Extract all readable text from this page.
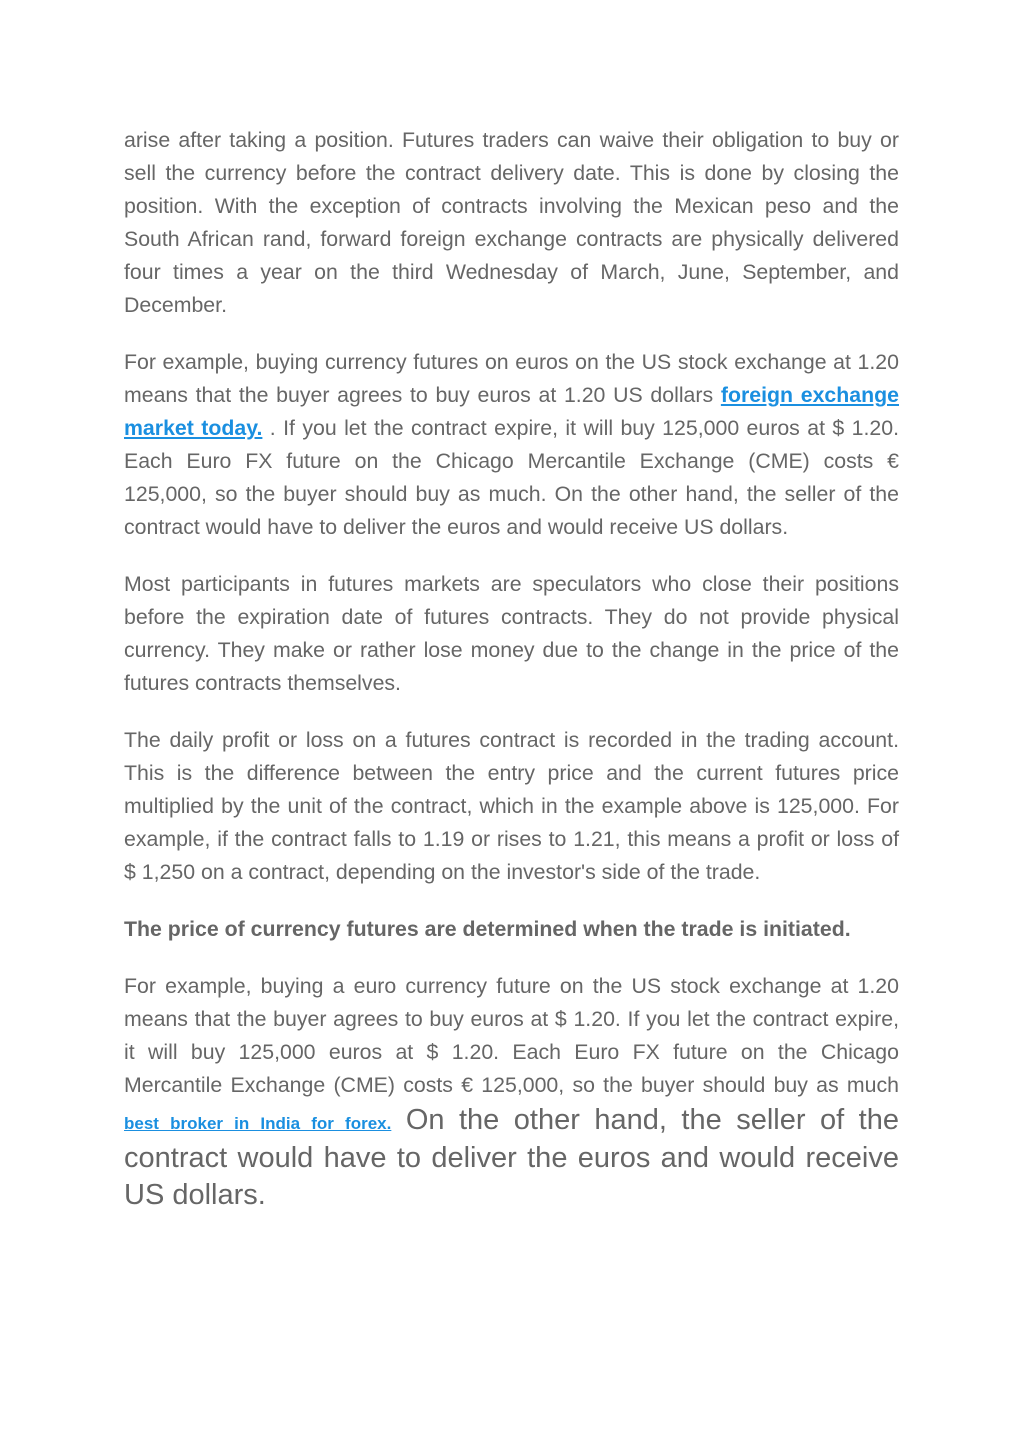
arise after taking a position. Futures traders can waive their obligation to buy or sell the currency before the contract delivery date. This is done by closing the position. With the exception of contracts involving the Mexican peso and the South African rand, forward foreign exchange contracts are physically delivered four times a year on the third Wednesday of March, June, September, and December.

For example, buying currency futures on euros on the US stock exchange at 1.20 means that the buyer agrees to buy euros at 1.20 US dollars foreign exchange market today. . If you let the contract expire, it will buy 125,000 euros at $ 1.20. Each Euro FX future on the Chicago Mercantile Exchange (CME) costs € 125,000, so the buyer should buy as much. On the other hand, the seller of the contract would have to deliver the euros and would receive US dollars.

Most participants in futures markets are speculators who close their positions before the expiration date of futures contracts. They do not provide physical currency. They make or rather lose money due to the change in the price of the futures contracts themselves.

The daily profit or loss on a futures contract is recorded in the trading account. This is the difference between the entry price and the current futures price multiplied by the unit of the contract, which in the example above is 125,000. For example, if the contract falls to 1.19 or rises to 1.21, this means a profit or loss of $ 1,250 on a contract, depending on the investor's side of the trade.

The price of currency futures are determined when the trade is initiated.

For example, buying a euro currency future on the US stock exchange at 1.20 means that the buyer agrees to buy euros at $ 1.20. If you let the contract expire, it will buy 125,000 euros at $ 1.20. Each Euro FX future on the Chicago Mercantile Exchange (CME) costs € 125,000, so the buyer should buy as much best broker in India for forex. On the other hand, the seller of the contract would have to deliver the euros and would receive US dollars.
